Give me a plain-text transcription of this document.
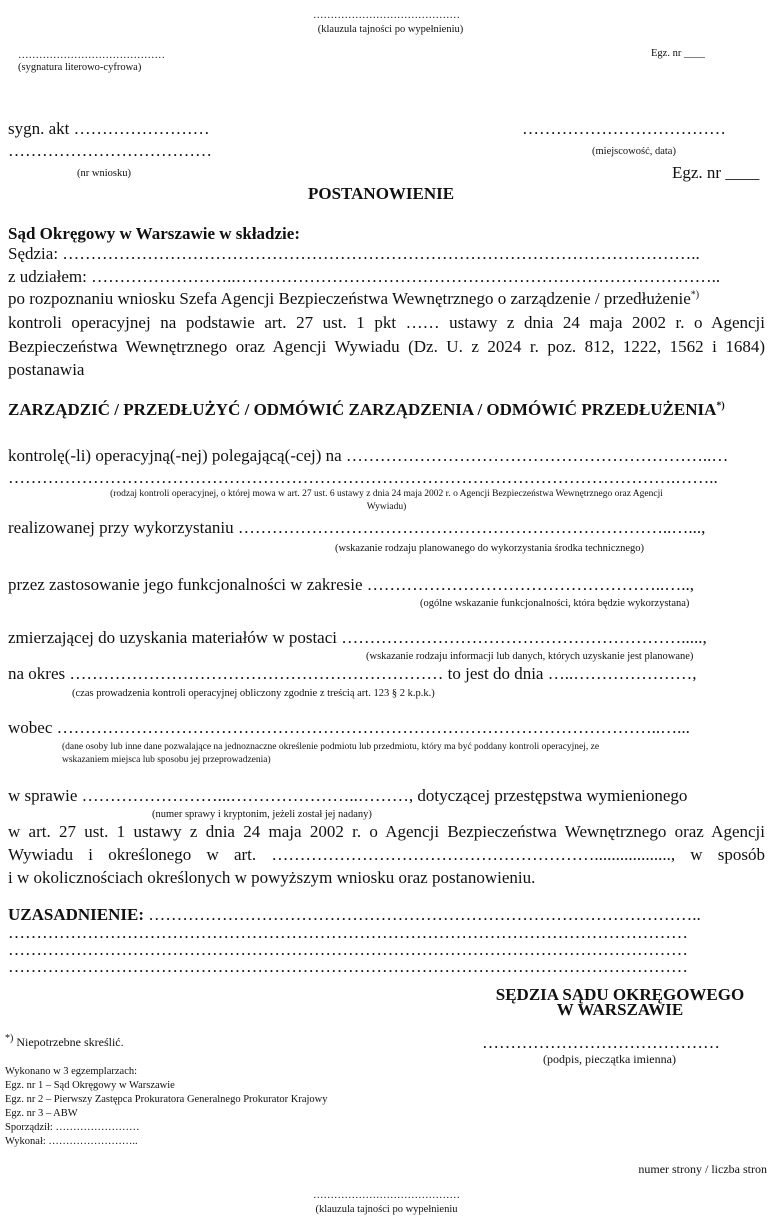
……………………………………
(klauzula tajności po wypełnieniu)
……………………………………
(sygnatura literowo-cyfrowa)
Egz. nr ____
sygn. akt ……………………	………………………………
………………………………	(miejscowość, data)
(nr wniosku)	Egz. nr ____
POSTANOWIENIE
Sąd Okręgowy w Warszawie w składzie:
Sędzia: …………………………………………………………………………………………………..
z udziałem: ……………………..…………………………………………………………………………..
po rozpoznaniu wniosku Szefa Agencji Bezpieczeństwa Wewnętrznego o zarządzenie / przedłużenie*)
kontroli operacyjnej na podstawie art. 27 ust. 1 pkt …… ustawy z dnia 24 maja 2002 r. o Agencji
Bezpieczeństwa Wewnętrznego oraz Agencji Wywiadu (Dz. U. z 2024 r. poz. 812, 1222, 1562 i 1684)
postanawia
ZARZĄDZIĆ / PRZEDŁUŻYĆ / ODMÓWIĆ ZARZĄDZENIA / ODMÓWIĆ PRZEDŁUŻENIA*)
kontrolę(-li) operacyjną(-nej) polegającą(-cej) na ………………………………………………………..…
……………………………………………………………………………………………………….……..
(rodzaj kontroli operacyjnej, o której mowa w art. 27 ust. 6 ustawy z dnia 24 maja 2002 r. o Agencji Bezpieczeństwa Wewnętrznego oraz Agencji
Wywiadu)
realizowanej przy wykorzystaniu …………………………………………………………………..…...,
(wskazanie rodzaju planowanego do wykorzystania środka technicznego)
przez zastosowanie jego funkcjonalności w zakresie ……………………………………………..…..,
(ogólne wskazanie funkcjonalności, która będzie wykorzystana)
zmierzającej do uzyskania materiałów w postaci …………………………………………………….....,
(wskazanie rodzaju informacji lub danych, których uzyskanie jest planowane)
na okres ………………………………………………………… to jest do dnia …..…………………,
(czas prowadzenia kontroli operacyjnej obliczony zgodnie z treścią art. 123 § 2 k.p.k.)
wobec ……………………………………………………………………………………………..…...
(dane osoby lub inne dane pozwalające na jednoznaczne określenie podmiotu lub przedmiotu, który ma być poddany kontroli operacyjnej, ze
wskazaniem miejsca lub sposobu jej przeprowadzenia)
w sprawie ……………………...…………………..………, dotyczącej przestępstwa wymienionego
(numer sprawy i kryptonim, jeżeli został jej nadany)
w art. 27 ust. 1 ustawy z dnia 24 maja 2002 r. o Agencji Bezpieczeństwa Wewnętrznego oraz Agencji
Wywiadu i określonego w art. ………………………………………………….................., w sposób
i w okolicznościach określonych w powyższym wniosku oraz postanowieniu.
UZASADNIENIE: ……………………………………………………………………………………..
…………………………………………………………………………………………………………
…………………………………………………………………………………………………………
…………………………………………………………………………………………………………
SĘDZIA SĄDU OKRĘGOWEGO
W WARSZAWIE
……………………………………
(podpis, pieczątka imienna)
*) Niepotrzebne skreślić.
Wykonano w 3 egzemplarzach:
Egz. nr 1 – Sąd Okręgowy w Warszawie
Egz. nr 2 – Pierwszy Zastępca Prokuratora Generalnego Prokurator Krajowy
Egz. nr 3 – ABW
Sporządził: ……………………
Wykonał: ……………………..
numer strony / liczba stron
……………………………………
(klauzula tajności po wypełnieniu
